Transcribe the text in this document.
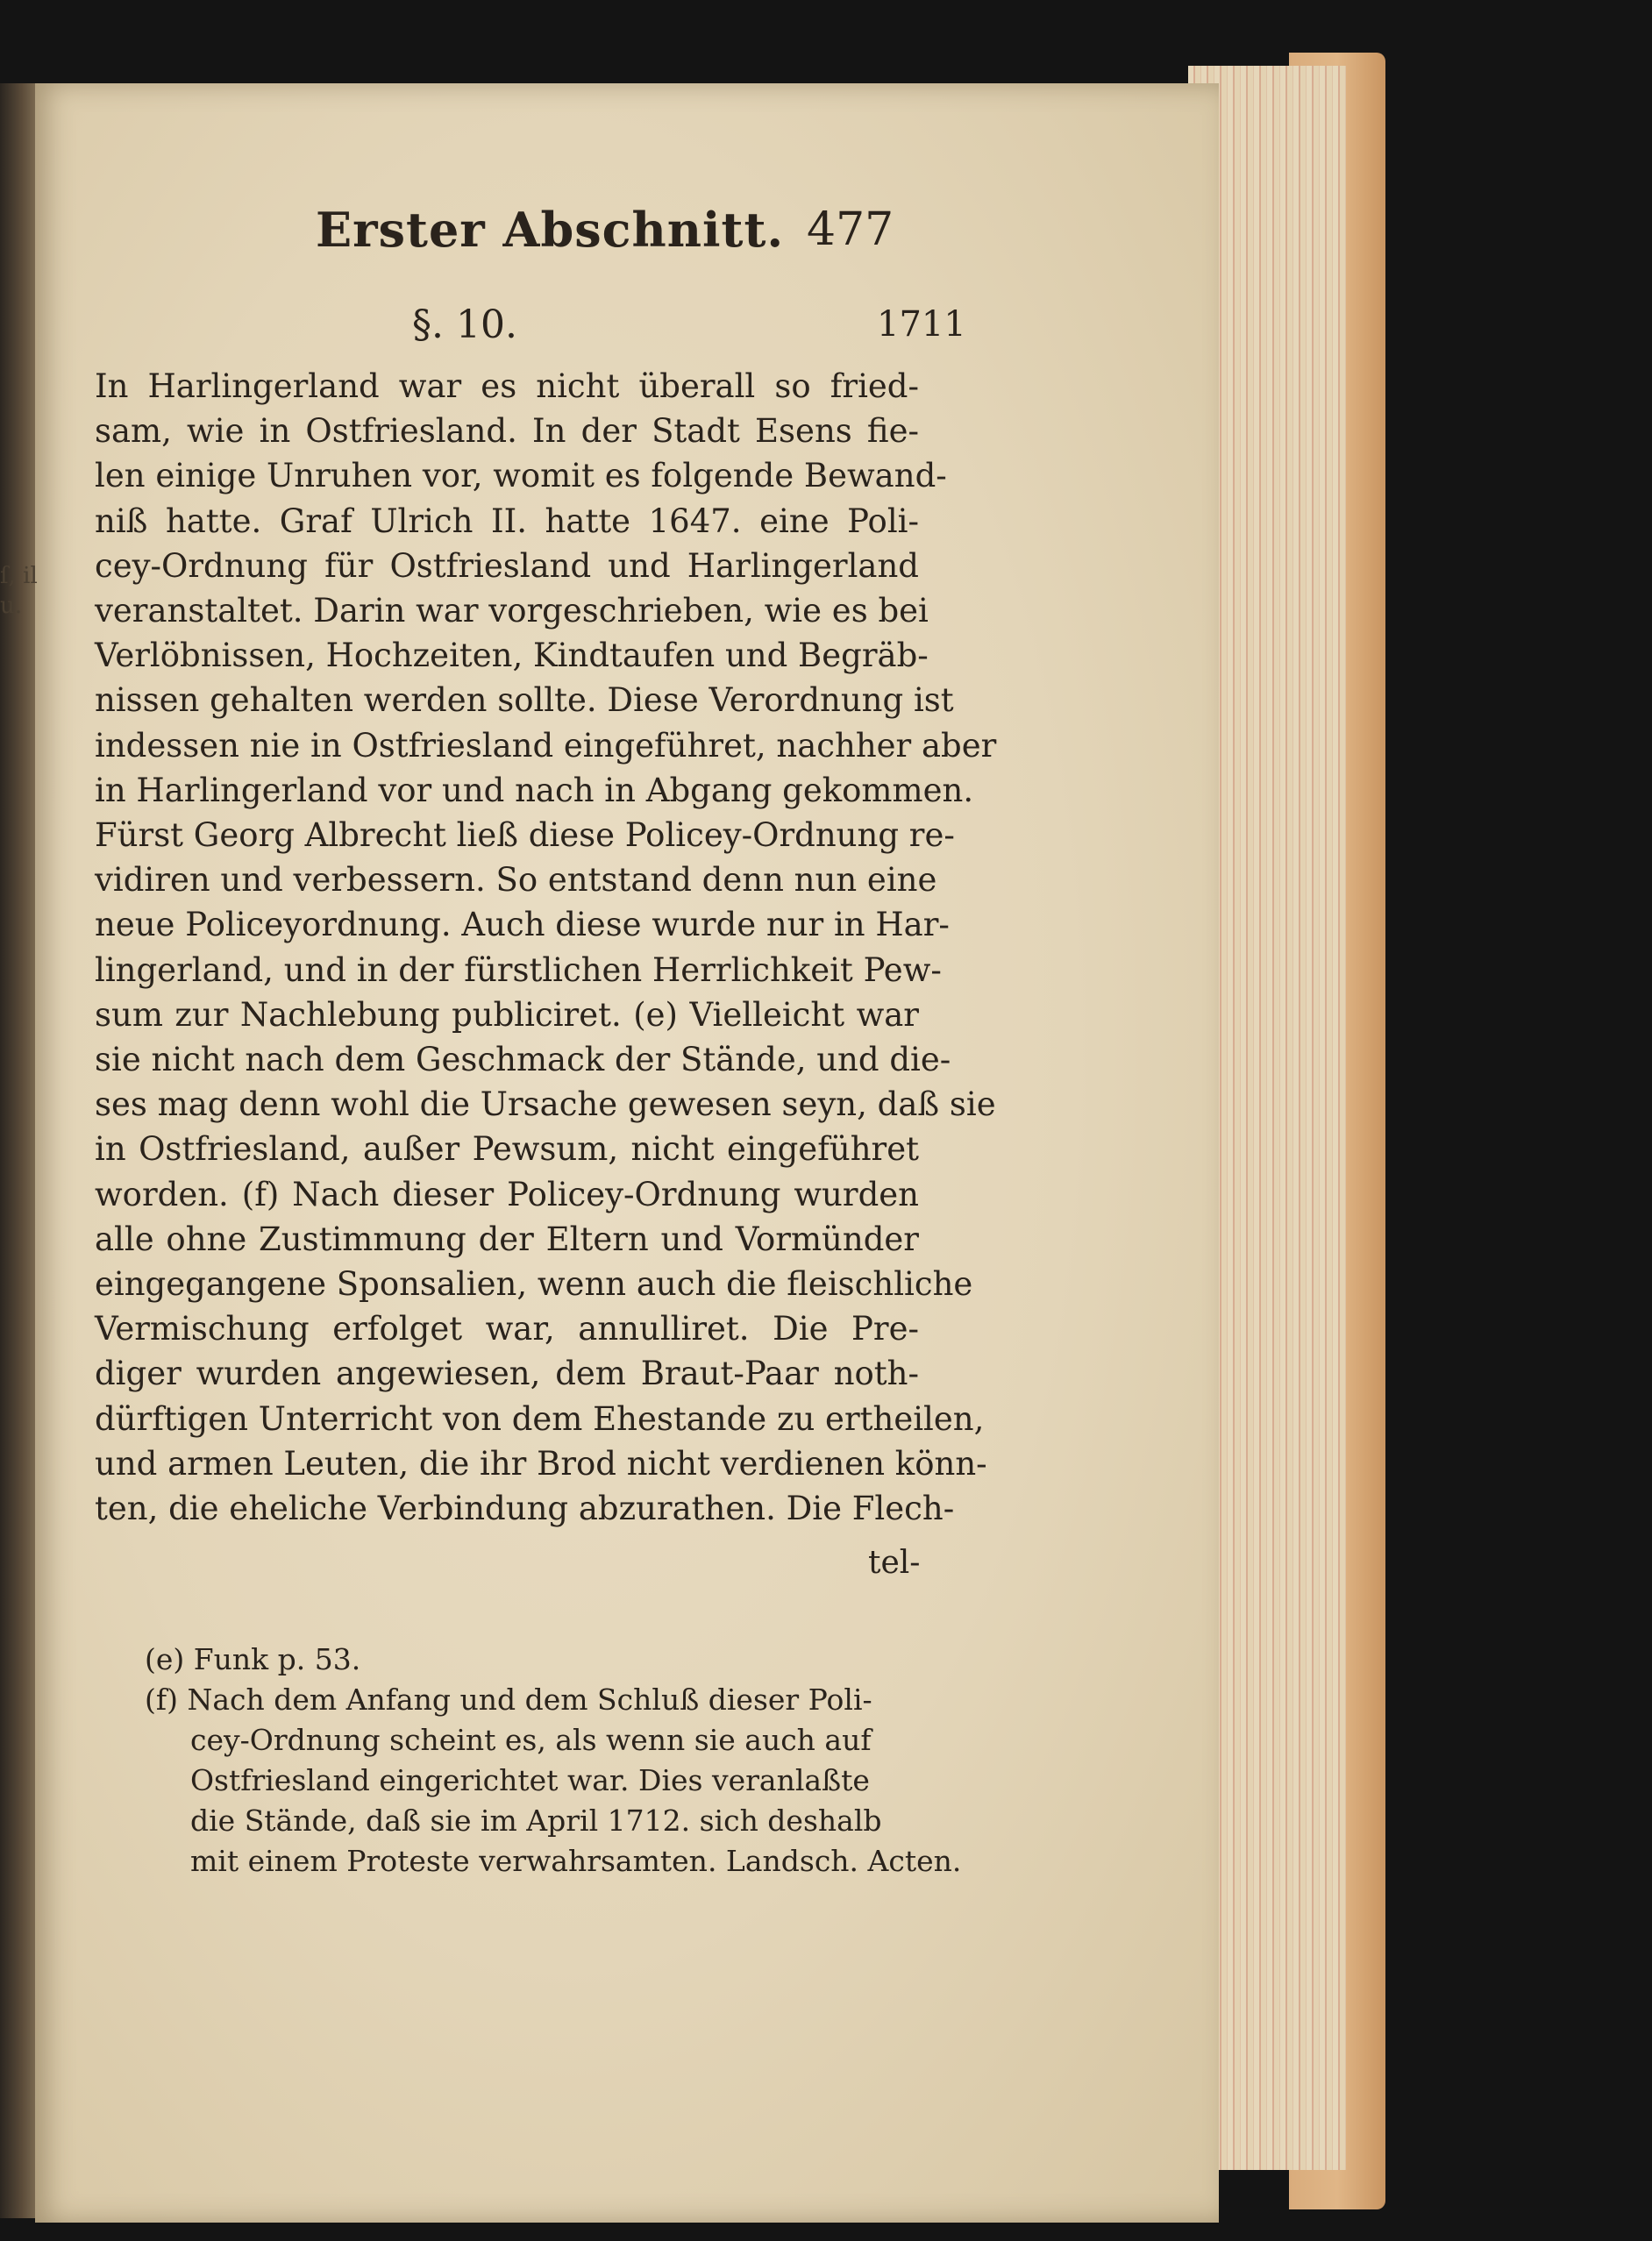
ſ, il
u.
Erster Abschnitt. 477
§. 10.	1711
In Harlingerland war es nicht überall so fried-
sam, wie in Ostfriesland. In der Stadt Esens fie-
len einige Unruhen vor, womit es folgende Bewand-
niß hatte. Graf Ulrich II. hatte 1647. eine Poli-
cey-Ordnung für Ostfriesland und Harlingerland
veranstaltet. Darin war vorgeschrieben, wie es bei
Verlöbnissen, Hochzeiten, Kindtaufen und Begräb-
nissen gehalten werden sollte. Diese Verordnung ist
indessen nie in Ostfriesland eingeführet, nachher aber
in Harlingerland vor und nach in Abgang gekommen.
Fürst Georg Albrecht ließ diese Policey-Ordnung re-
vidiren und verbessern. So entstand denn nun eine
neue Policeyordnung. Auch diese wurde nur in Har-
lingerland, und in der fürstlichen Herrlichkeit Pew-
sum zur Nachlebung publiciret. (e) Vielleicht war
sie nicht nach dem Geschmack der Stände, und die-
ses mag denn wohl die Ursache gewesen seyn, daß sie
in Ostfriesland, außer Pewsum, nicht eingeführet
worden. (f) Nach dieser Policey-Ordnung wurden
alle ohne Zustimmung der Eltern und Vormünder
eingegangene Sponsalien, wenn auch die fleischliche
Vermischung erfolget war, annulliret. Die Pre-
diger wurden angewiesen, dem Braut-Paar noth-
dürftigen Unterricht von dem Ehestande zu ertheilen,
und armen Leuten, die ihr Brod nicht verdienen könn-
ten, die eheliche Verbindung abzurathen. Die Flech-
tel-
(e) Funk p. 53.
(f) Nach dem Anfang und dem Schluß dieser Poli-
cey-Ordnung scheint es, als wenn sie auch auf
Ostfriesland eingerichtet war. Dies veranlaßte
die Stände, daß sie im April 1712. sich deshalb
mit einem Proteste verwahrsamten. Landsch. Acten.
